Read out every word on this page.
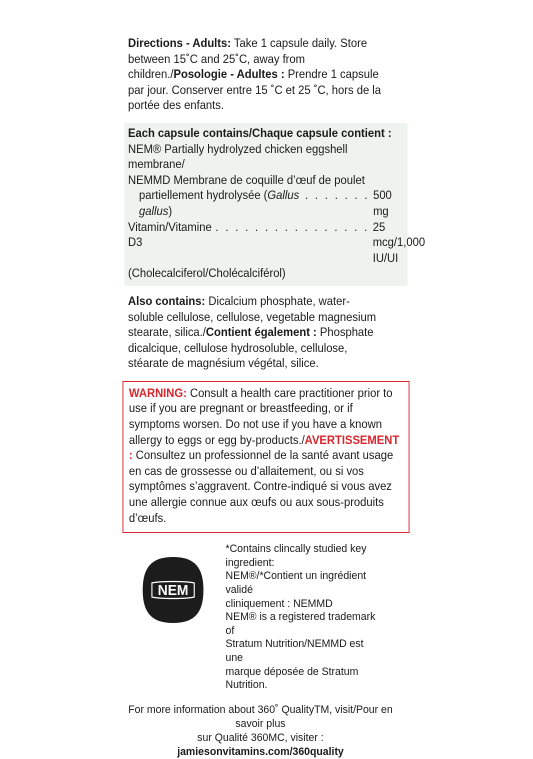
Directions - Adults: Take 1 capsule daily. Store between 15˚C and 25˚C, away from children./Posologie - Adultes : Prendre 1 capsule par jour. Conserver entre 15 ˚C et 25 ˚C, hors de la portée des enfants.

Each capsule contains/Chaque capsule contient :

NEM® Partially hydrolyzed chicken eggshell membrane/

NEMMD Membrane de coquille d’œuf de poulet

partiellement hydrolysée (Gallus gallus)
. . . . . . . 500 mg
Vitamin/Vitamine D3
. . . . . . . . . . . . . . . . 25 mcg/1,000 IU/UI

(Cholecalciferol/Cholécalciférol)

Also contains: Dicalcium phosphate, water-soluble cellulose, cellulose, vegetable magnesium stearate, silica./Contient également : Phosphate dicalcique, cellulose hydrosoluble, cellulose, stéarate de magnésium végétal, silice.

WARNING: Consult a health care practitioner prior to use if you are pregnant or breastfeeding, or if symptoms worsen. Do not use if you have a known allergy to eggs or egg by-products./AVERTISSEMENT : Consultez un professionnel de la santé avant usage en cas de grossesse ou d’allaitement, ou si vos symptômes s’aggravent. Contre-indiqué si vous avez une allergie connue aux œufs ou aux sous-produits d’œufs.
NEM

*Contains clincally studied key ingredient:

NEM®/*Contient un ingrédient validé

cliniquement : NEMMD

NEM® is a registered trademark of

Stratum Nutrition/NEMMD est une

marque déposée de Stratum Nutrition.

For more information about 360˚ QualityTM, visit/Pour en savoir plus

sur Qualité 360MC, visiter : jamiesonvitamins.com/360quality
